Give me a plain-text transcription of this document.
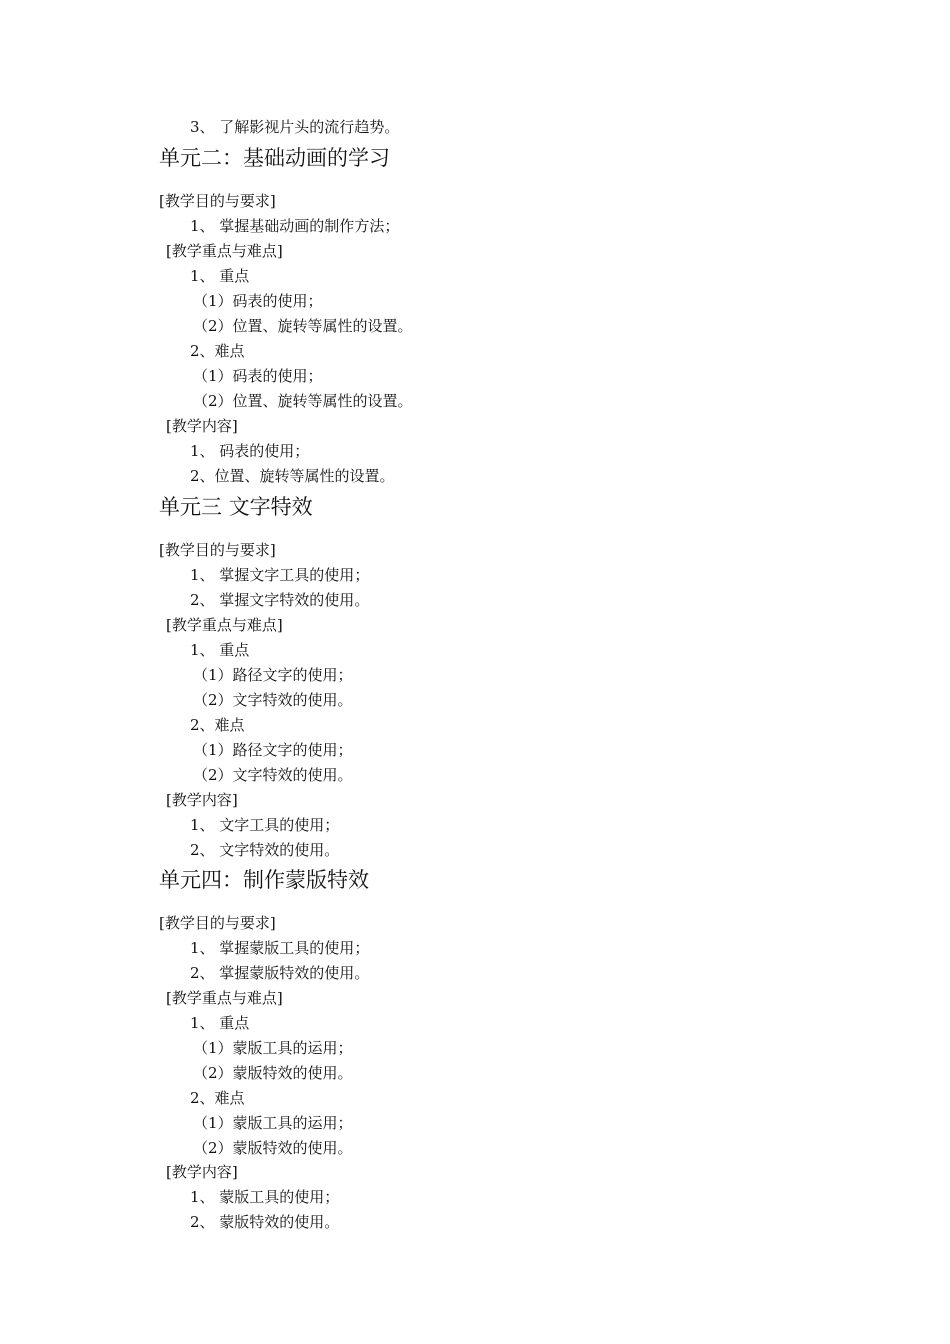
3、 了解影视片头的流行趋势。
单元二：基础动画的学习
[教学目的与要求]
1、 掌握基础动画的制作方法；
[教学重点与难点]
1、 重点
（1）码表的使用；
（2）位置、旋转等属性的设置。
2、难点
（1）码表的使用；
（2）位置、旋转等属性的设置。
[教学内容]
1、 码表的使用；
2、位置、旋转等属性的设置。
单元三 文字特效
[教学目的与要求]
1、 掌握文字工具的使用；
2、 掌握文字特效的使用。
[教学重点与难点]
1、 重点
（1）路径文字的使用；
（2）文字特效的使用。
2、难点
（1）路径文字的使用；
（2）文字特效的使用。
[教学内容]
1、 文字工具的使用；
2、 文字特效的使用。
单元四：制作蒙版特效
[教学目的与要求]
1、 掌握蒙版工具的使用；
2、 掌握蒙版特效的使用。
[教学重点与难点]
1、 重点
（1）蒙版工具的运用；
（2）蒙版特效的使用。
2、难点
（1）蒙版工具的运用；
（2）蒙版特效的使用。
[教学内容]
1、 蒙版工具的使用；
2、 蒙版特效的使用。
